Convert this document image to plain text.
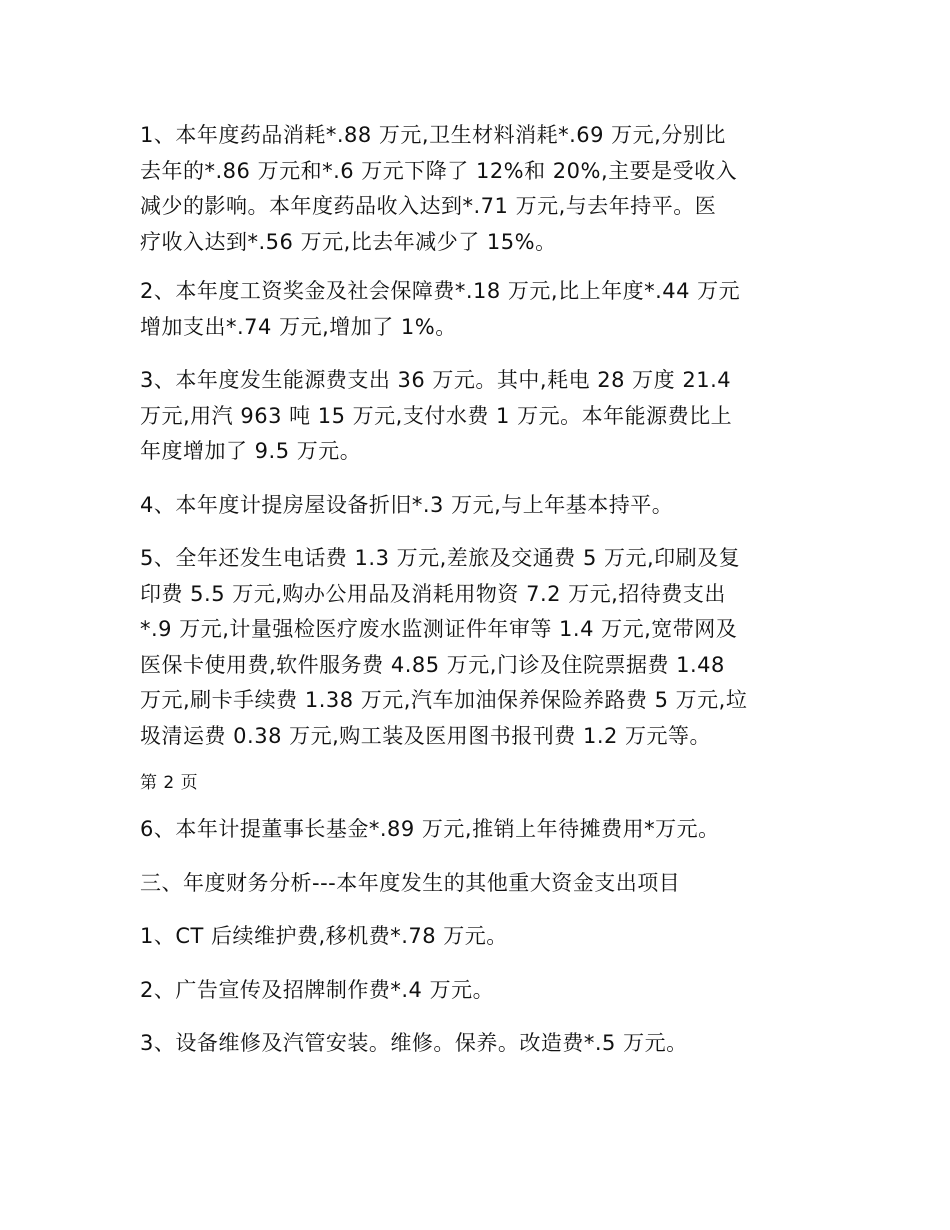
1、本年度药品消耗*.88 万元,卫生材料消耗*.69 万元,分别比
去年的*.86 万元和*.6 万元下降了 12%和 20%,主要是受收入
减少的影响。本年度药品收入达到*.71 万元,与去年持平。医
疗收入达到*.56 万元,比去年减少了 15%。

2、本年度工资奖金及社会保障费*.18 万元,比上年度*.44 万元
增加支出*.74 万元,增加了 1%。

3、本年度发生能源费支出 36 万元。其中,耗电 28 万度 21.4
万元,用汽 963 吨 15 万元,支付水费 1 万元。本年能源费比上
年度增加了 9.5 万元。

4、本年度计提房屋设备折旧*.3 万元,与上年基本持平。

5、全年还发生电话费 1.3 万元,差旅及交通费 5 万元,印刷及复
印费 5.5 万元,购办公用品及消耗用物资 7.2 万元,招待费支出
*.9 万元,计量强检医疗废水监测证件年审等 1.4 万元,宽带网及
医保卡使用费,软件服务费 4.85 万元,门诊及住院票据费 1.48
万元,刷卡手续费 1.38 万元,汽车加油保养保险养路费 5 万元,垃
圾清运费 0.38 万元,购工装及医用图书报刊费 1.2 万元等。

第 2 页

6、本年计提董事长基金*.89 万元,推销上年待摊费用*万元。

三、年度财务分析---本年度发生的其他重大资金支出项目

1、CT 后续维护费,移机费*.78 万元。

2、广告宣传及招牌制作费*.4 万元。

3、设备维修及汽管安装。维修。保养。改造费*.5 万元。
